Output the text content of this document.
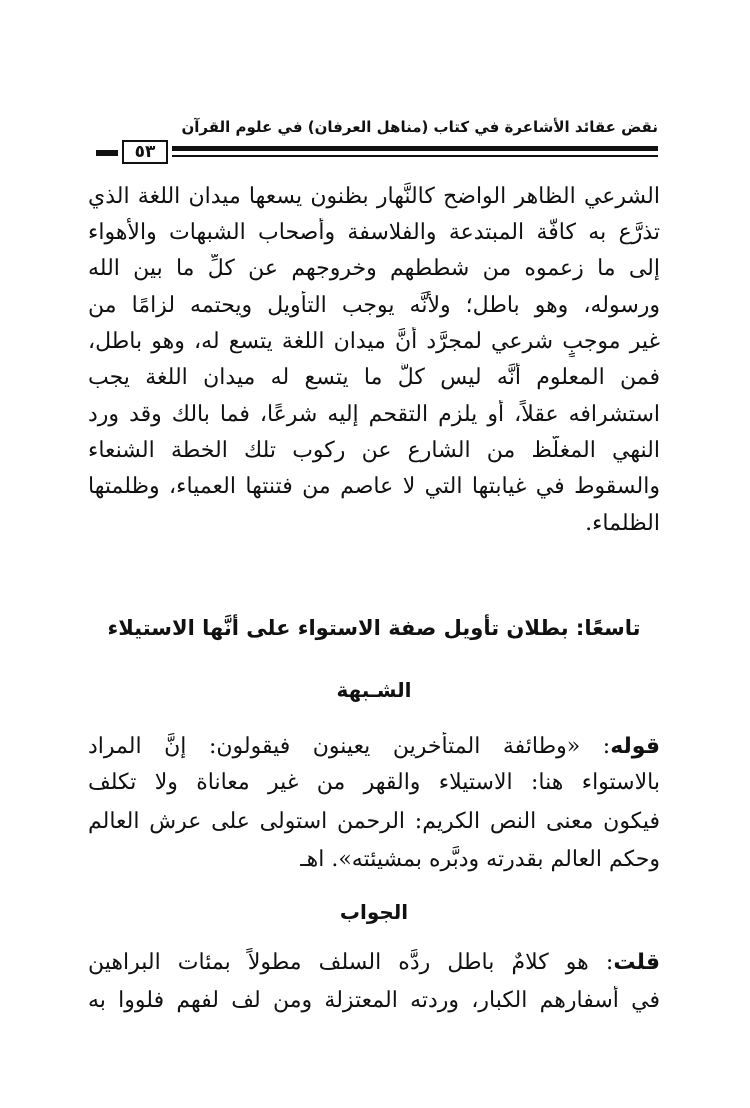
نقض عقائد الأشاعرة في كتاب (مناهل العرفان) في علوم القرآن
٥٣
الشرعي الظاهر الواضح كالنَّهار بظنون يسعها ميدان اللغة الذي
تذرَّع به كافَّة المبتدعة والفلاسفة وأصحاب الشبهات والأهواء
إلى ما زعموه من شططهم وخروجهم عن كلِّ ما بين الله
ورسوله، وهو باطل؛ ولأنَّه يوجب التأويل ويحتمه لزامًا من
غير موجبٍ شرعي لمجرَّد أنَّ ميدان اللغة يتسع له، وهو باطل،
فمن المعلوم أنَّه ليس كلَّ ما يتسع له ميدان اللغة يجب
استشرافه عقلاً، أو يلزم التقحم إليه شرعًا، فما بالك وقد ورد
النهي المغلَّظ من الشارع عن ركوب تلك الخطة الشنعاء
والسقوط في غيابتها التي لا عاصم من فتنتها العمياء، وظلمتها
الظلماء.
تاسعًا: بطلان تأويل صفة الاستواء على أنَّها الاستيلاء
الشـبهة
قوله: «وطائفة المتأخرين يعينون فيقولون: إنَّ المراد
بالاستواء هنا: الاستيلاء والقهر من غير معاناة ولا تكلف
فيكون معنى النص الكريم: الرحمن استولى على عرش العالم
وحكم العالم بقدرته ودبَّره بمشيئته». اهـ
الجواب
قلت: هو كلامٌ باطل ردَّه السلف مطولاً بمئات البراهين
في أسفارهم الكبار، وردته المعتزلة ومن لف لفهم فلووا به
